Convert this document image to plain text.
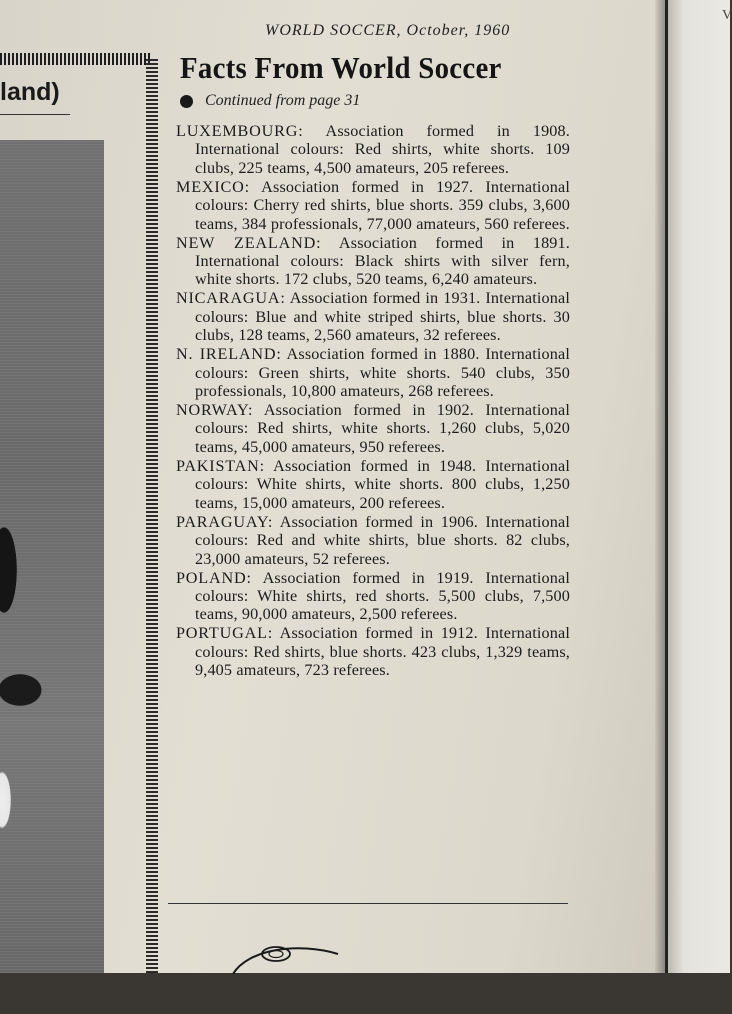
WORLD SOCCER, October, 1960
land)
Facts From World Soccer
Continued from page 31

LUXEMBOURG: Association formed in 1908. International colours: Red shirts, white shorts. 109 clubs, 225 teams, 4,500 amateurs, 205 referees.

MEXICO: Association formed in 1927. International colours: Cherry red shirts, blue shorts. 359 clubs, 3,600 teams, 384 professionals, 77,000 amateurs, 560 referees.

NEW ZEALAND: Association formed in 1891. International colours: Black shirts with silver fern, white shorts. 172 clubs, 520 teams, 6,240 amateurs.

NICARAGUA: Association formed in 1931. International colours: Blue and white striped shirts, blue shorts. 30 clubs, 128 teams, 2,560 amateurs, 32 referees.

N. IRELAND: Association formed in 1880. International colours: Green shirts, white shorts. 540 clubs, 350 professionals, 10,800 amateurs, 268 referees.

NORWAY: Association formed in 1902. International colours: Red shirts, white shorts. 1,260 clubs, 5,020 teams, 45,000 amateurs, 950 referees.

PAKISTAN: Association formed in 1948. International colours: White shirts, white shorts. 800 clubs, 1,250 teams, 15,000 amateurs, 200 referees.

PARAGUAY: Association formed in 1906. International colours: Red and white shirts, blue shorts. 82 clubs, 23,000 amateurs, 52 referees.

POLAND: Association formed in 1919. International colours: White shirts, red shorts. 5,500 clubs, 7,500 teams, 90,000 amateurs, 2,500 referees.

PORTUGAL: Association formed in 1912. International colours: Red shirts, blue shorts. 423 clubs, 1,329 teams, 9,405 amateurs, 723 referees.

V
